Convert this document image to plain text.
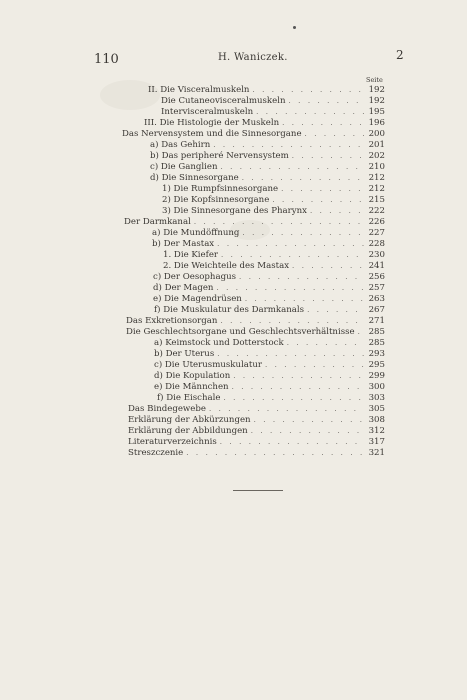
110	H. Waniczek.	2
Seite
II. Die Visceralmuskeln . . .	192
Die Cutaneovisceralmuskeln . . .	192
Intervisceralmuskeln . . .	195
III. Die Histologie der Muskeln . . .	196
Das Nervensystem und die Sinnesorgane . . .	200
a) Das Gehirn . . .	201
b) Das peripheré Nervensystem . . .	202
c) Die Ganglien . . .	210
d) Die Sinnesorgane . . .	212
1) Die Rumpfsinnesorgane . . .	212
2) Die Kopfsinnesorgane . . .	215
3) Die Sinnesorgane des Pharynx . . .	222
Der Darmkanal . . .	226
a) Die Mundöffnung . . .	227
b) Der Mastax . . .	228
1. Die Kiefer . . .	230
2. Die Weichteile des Mastax . . .	241
c) Der Oesophagus . . .	256
d) Der Magen . . .	257
e) Die Magendrüsen . . .	263
f) Die Muskulatur des Darmkanals . . .	267
Das Exkretionsorgan . . .	271
Die Geschlechtsorgane und Geschlechtsverhältnisse . . . 285
a) Keimstock und Dotterstock . . .	285
b) Der Uterus . . .	293
c) Die Uterusmuskulatur . . .	295
d) Die Kopulation . . .	299
e) Die Männchen . . .	300
f) Die Eischale . . .	303
Das Bindegewebe . . .	305
Erklärung der Abkürzungen . . .	308
Erklärung der Abbildungen . . .	312
Literaturverzeichnis . . .	317
Streszczenie . . .	321
